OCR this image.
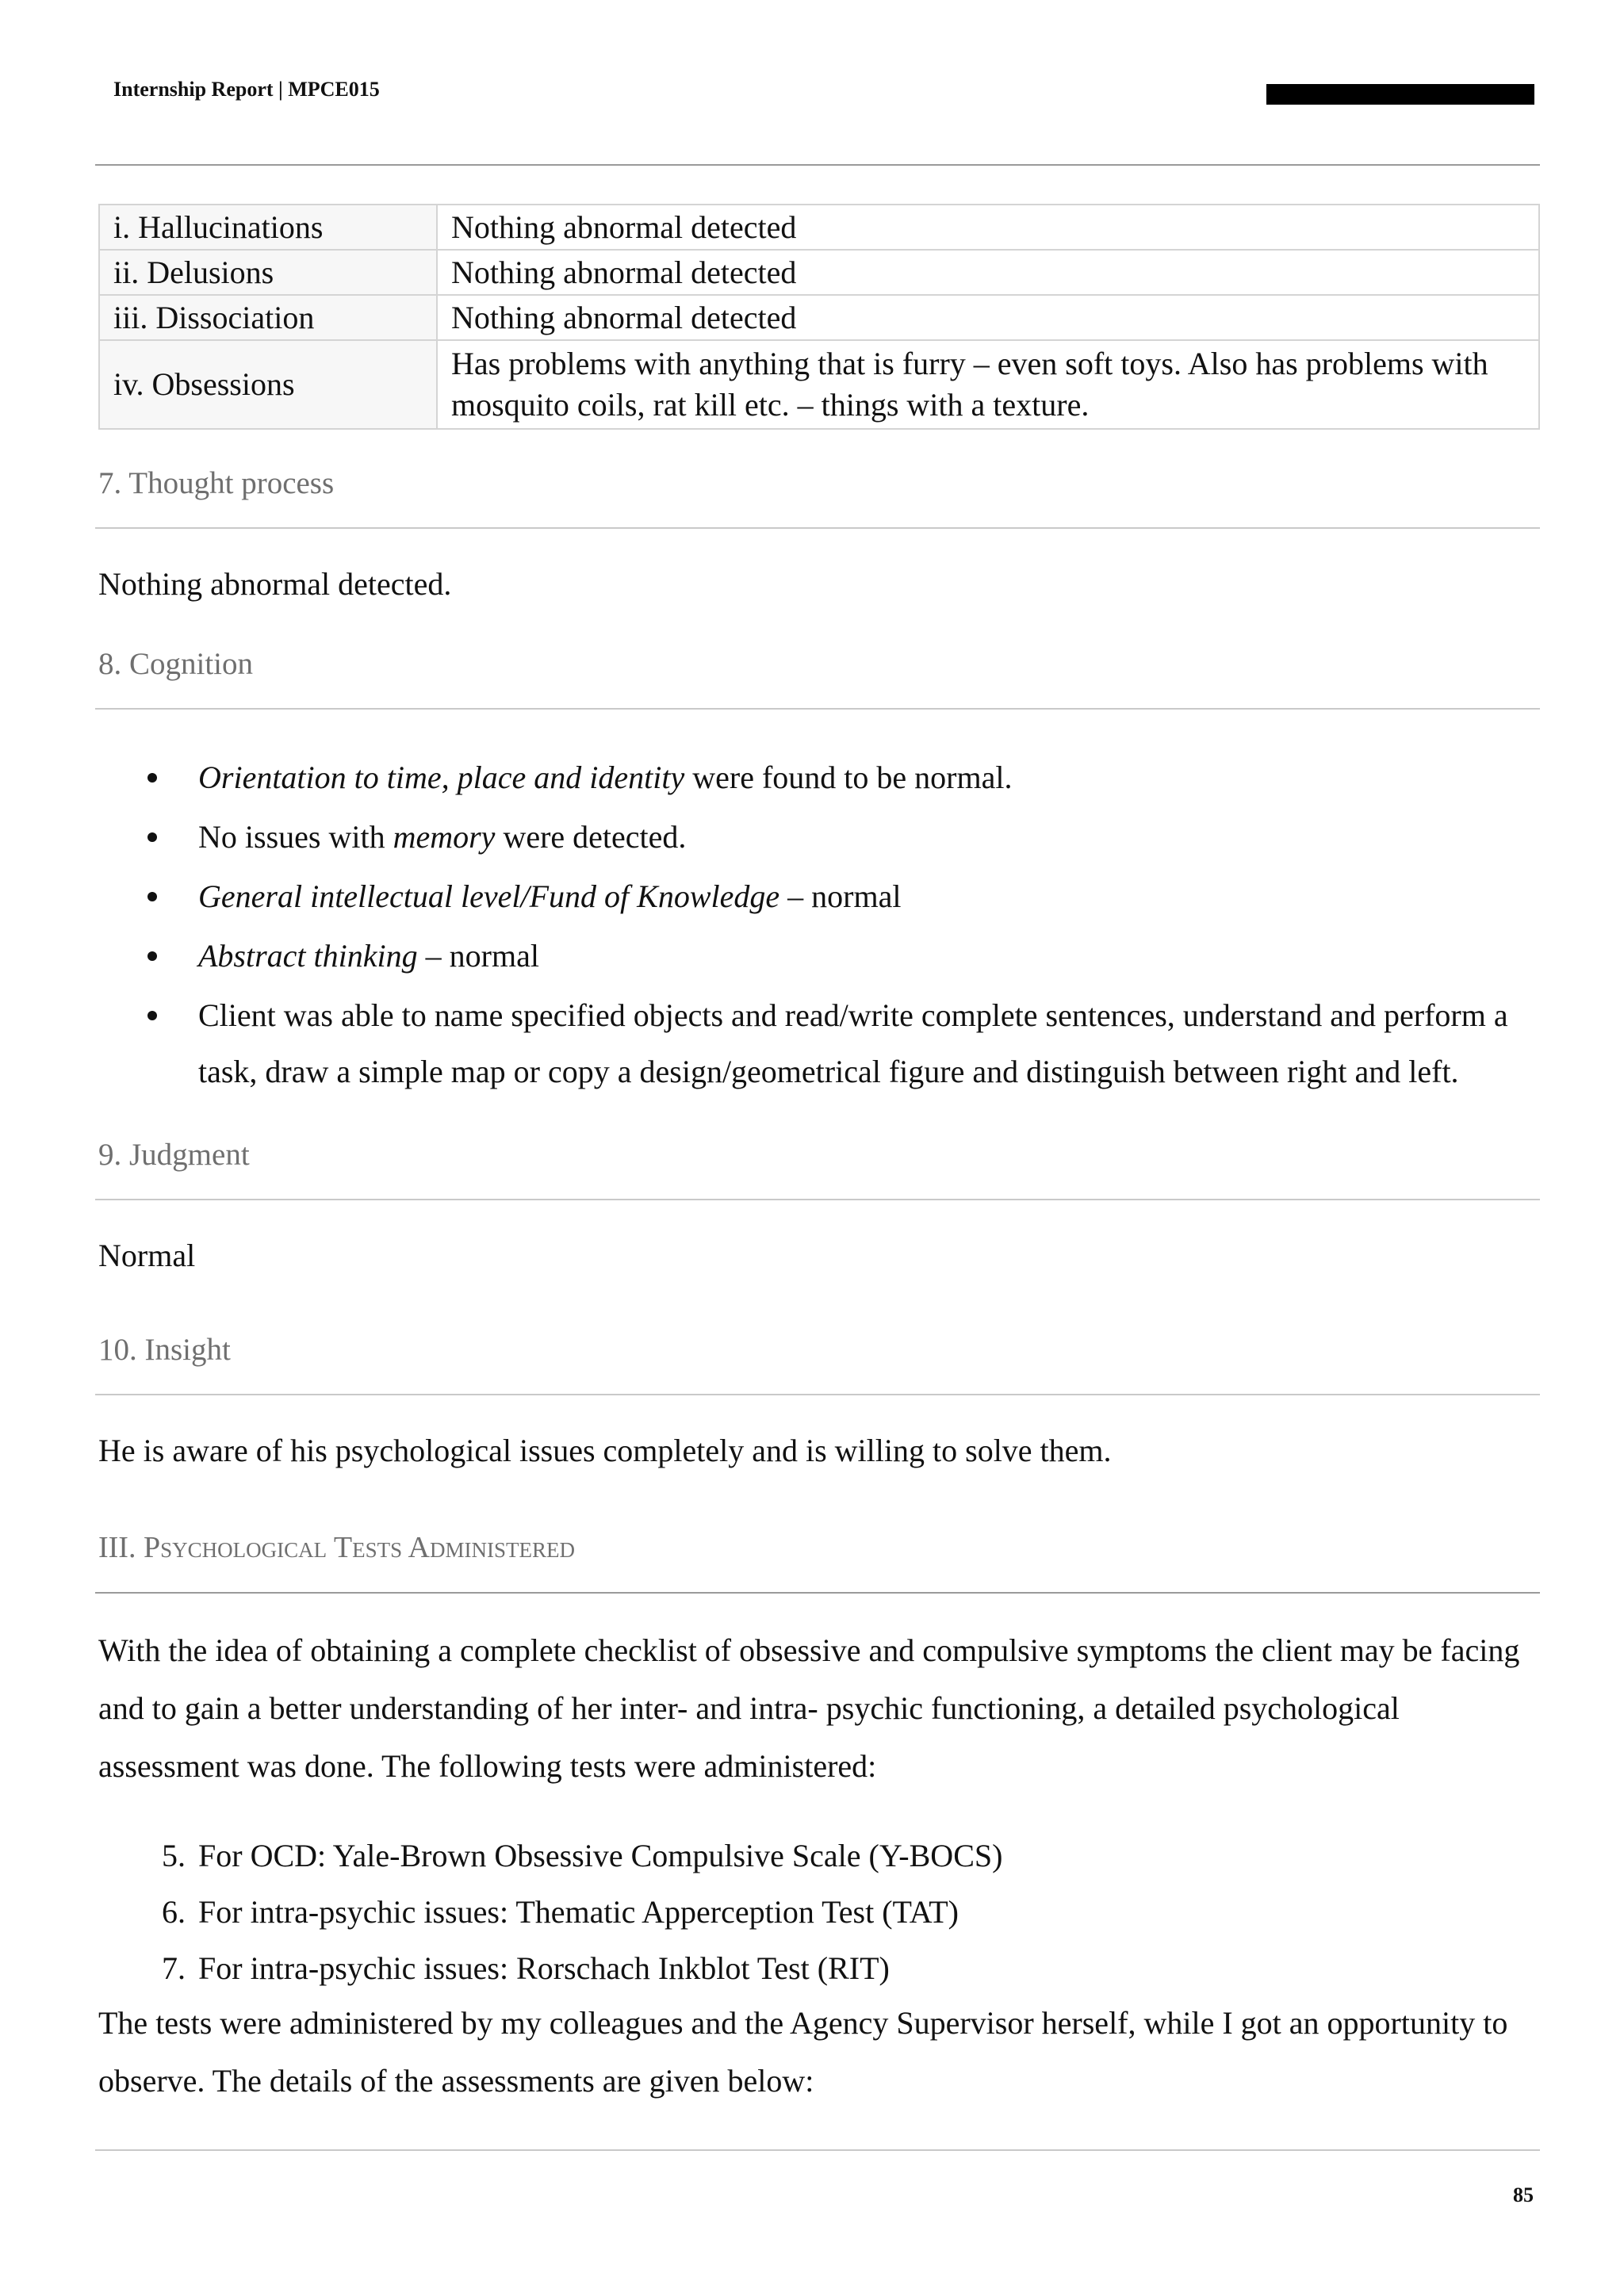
Internship Report | MPCE015
i. Hallucinations	Nothing abnormal detected
ii. Delusions	Nothing abnormal detected
iii. Dissociation	Nothing abnormal detected
iv. Obsessions	Has problems with anything that is furry – even soft toys. Also has problems with mosquito coils, rat kill etc. – things with a texture.
7. Thought process
Nothing abnormal detected.
8. Cognition
Orientation to time, place and identity were found to be normal.
No issues with memory were detected.
General intellectual level/Fund of Knowledge – normal
Abstract thinking – normal
Client was able to name specified objects and read/write complete sentences, understand and perform a task, draw a simple map or copy a design/geometrical figure and distinguish between right and left.
9. Judgment
Normal
10. Insight
He is aware of his psychological issues completely and is willing to solve them.
III. Psychological Tests Administered
With the idea of obtaining a complete checklist of obsessive and compulsive symptoms the client may be facing and to gain a better understanding of her inter- and intra- psychic functioning, a detailed psychological assessment was done. The following tests were administered:
5. For OCD: Yale-Brown Obsessive Compulsive Scale (Y-BOCS)
6. For intra-psychic issues: Thematic Apperception Test (TAT)
7. For intra-psychic issues: Rorschach Inkblot Test (RIT)
The tests were administered by my colleagues and the Agency Supervisor herself, while I got an opportunity to observe. The details of the assessments are given below:
85
